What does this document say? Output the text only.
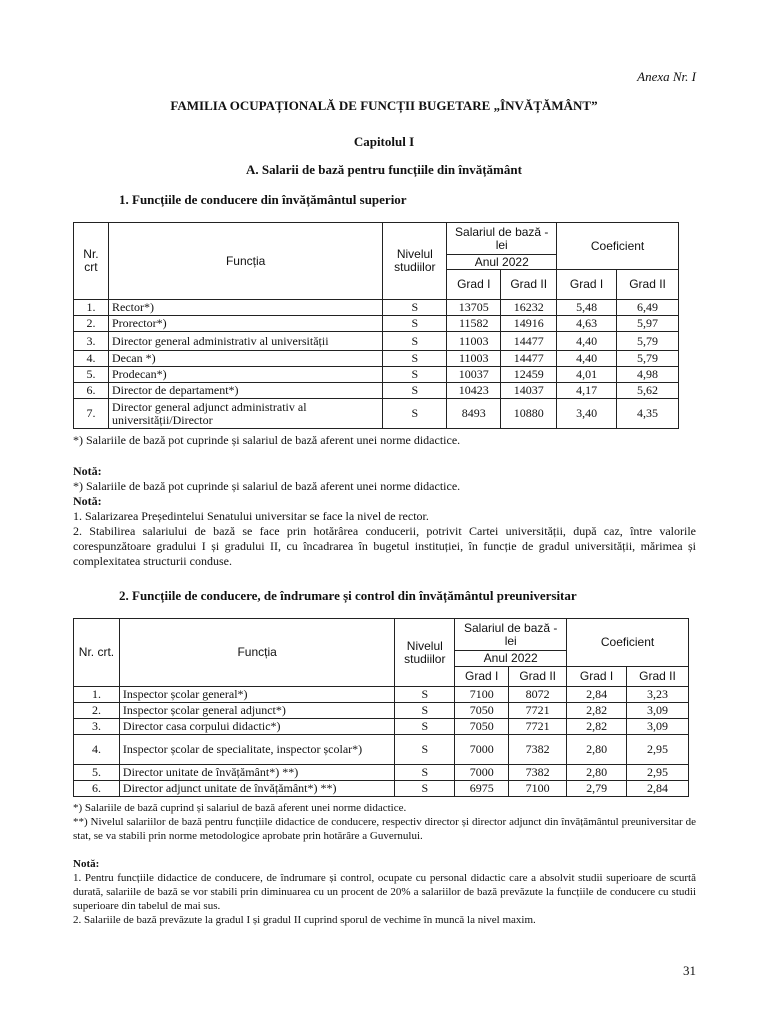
Anexa Nr. I
FAMILIA OCUPAȚIONALĂ DE FUNCȚII BUGETARE „ÎNVĂȚĂMÂNT”
Capitolul I
A. Salarii de bază pentru funcțiile din învățământ
1. Funcțiile de conducere din învățământul superior
Nr. crt	Funcția	Nivelul studiilor	Salariul de bază - lei		Coeficient	
			Anul 2022			
			Grad I	Grad II	Grad I	Grad II
1.	Rector*)	S	13705	16232	5,48	6,49
2.	Prorector*)	S	11582	14916	4,63	5,97
3.	Director general administrativ al universității	S	11003	14477	4,40	5,79
4.	Decan *)	S	11003	14477	4,40	5,79
5.	Prodecan*)	S	10037	12459	4,01	4,98
6.	Director de departament*)	S	10423	14037	4,17	5,62
7.	Director general adjunct administrativ al universității/Director	S	8493	10880	3,40	4,35
*) Salariile de bază pot cuprinde și salariul de bază aferent unei norme didactice.

Notă:

*) Salariile de bază pot cuprinde și salariul de bază aferent unei norme didactice.

Notă:

1. Salarizarea Președintelui Senatului universitar se face la nivel de rector.

2. Stabilirea salariului de bază se face prin hotărârea conducerii, potrivit Cartei universității, după caz, între valorile corespunzătoare gradului I și gradului II, cu încadrarea în bugetul instituției, în funcție de gradul universității, mărimea și complexitatea structurii conduse.

2. Funcțiile de conducere, de îndrumare și control din învățământul preuniversitar
Nr. crt.	Funcția	Nivelul studiilor	Salariul de bază - lei		Coeficient	
			Anul 2022			
			Grad I	Grad II	Grad I	Grad II
1.	Inspector școlar general*)	S	7100	8072	2,84	3,23
2.	Inspector școlar general adjunct*)	S	7050	7721	2,82	3,09
3.	Director casa corpului didactic*)	S	7050	7721	2,82	3,09
4.	Inspector școlar de specialitate, inspector școlar*)	S	7000	7382	2,80	2,95
5.	Director unitate de învățământ*) **)	S	7000	7382	2,80	2,95
6.	Director adjunct unitate de învățământ*) **)	S	6975	7100	2,79	2,84

*) Salariile de bază cuprind și salariul de bază aferent unei norme didactice.

**) Nivelul salariilor de bază pentru funcțiile didactice de conducere, respectiv director și director adjunct din învățământul preuniversitar de stat, se va stabili prin norme metodologice aprobate prin hotărâre a Guvernului.

Notă:

1. Pentru funcțiile didactice de conducere, de îndrumare și control, ocupate cu personal didactic care a absolvit studii superioare de scurtă durată, salariile de bază se vor stabili prin diminuarea cu un procent de 20% a salariilor de bază prevăzute la funcțiile de conducere cu studii superioare din tabelul de mai sus.

2. Salariile de bază prevăzute la gradul I și gradul II cuprind sporul de vechime în muncă la nivel maxim.

31
